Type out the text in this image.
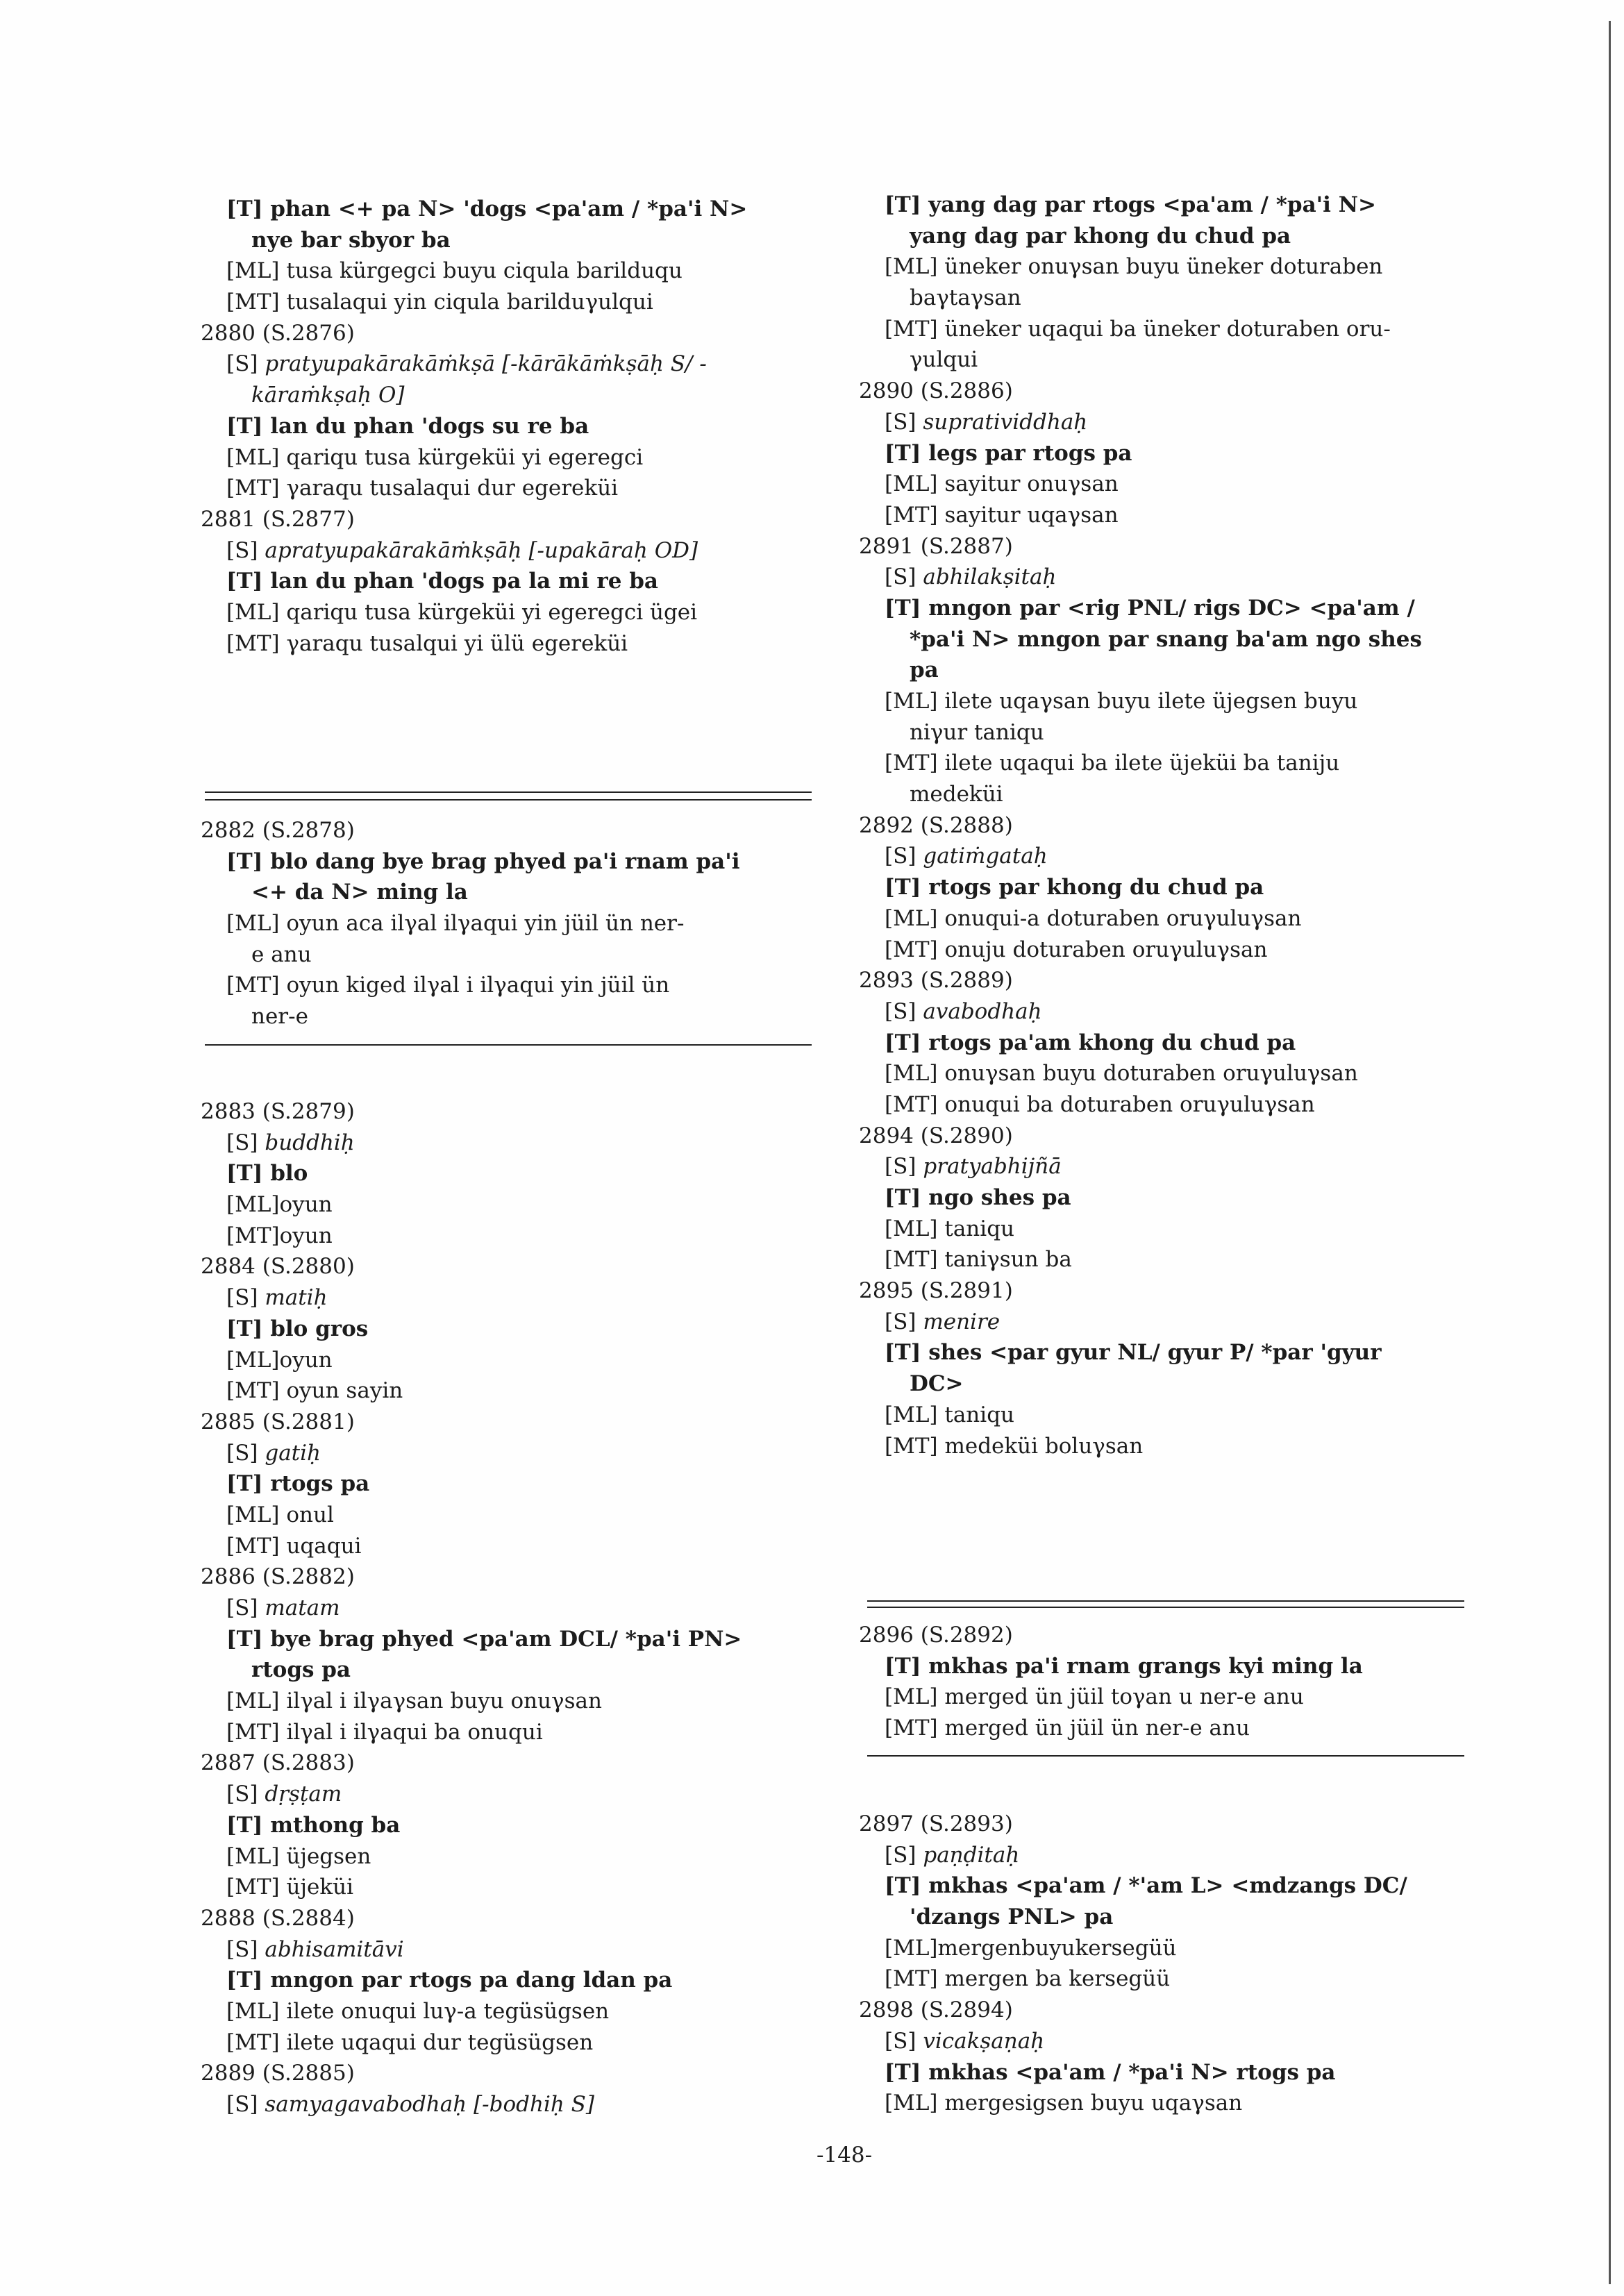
[T] phan <+ pa N> 'dogs <pa'am / *pa'i N>
nye bar sbyor ba
[ML] tusa kürgegci buyu ciqula barilduqu
[MT] tusalaqui yin ciqula barilduγulqui
2880 (S.2876)
[S] pratyupakārakāṁkṣā [-kārākāṁkṣāḥ S/ -
kāraṁkṣaḥ O]
[T] lan du phan 'dogs su re ba
[ML] qariqu tusa kürgeküi yi egeregci
[MT] γaraqu tusalaqui dur egereküi
2881 (S.2877)
[S] apratyupakārakāṁkṣāḥ [-upakāraḥ OD]
[T] lan du phan 'dogs pa la mi re ba
[ML] qariqu tusa kürgeküi yi egeregci ügei
[MT] γaraqu tusalqui yi ülü egereküi
2882 (S.2878)
[T] blo dang bye brag phyed pa'i rnam pa'i
<+ da N> ming la
[ML] oyun aca ilγal ilγaqui yin jüil ün ner-
e anu
[MT] oyun kiged ilγal i ilγaqui yin jüil ün
ner-e
2883 (S.2879)
[S] buddhiḥ
[T] blo
[ML]oyun
[MT]oyun
2884 (S.2880)
[S] matiḥ
[T] blo gros
[ML]oyun
[MT] oyun sayin
2885 (S.2881)
[S] gatiḥ
[T] rtogs pa
[ML] onul
[MT] uqaqui
2886 (S.2882)
[S] matam
[T] bye brag phyed <pa'am DCL/ *pa'i PN>
rtogs pa
[ML] ilγal i ilγaγsan buyu onuγsan
[MT] ilγal i ilγaqui ba onuqui
2887 (S.2883)
[S] dṛṣṭam
[T] mthong ba
[ML] üjegsen
[MT] üjeküi
2888 (S.2884)
[S] abhisamitāvi
[T] mngon par rtogs pa dang ldan pa
[ML] ilete onuqui luγ-a tegüsügsen
[MT] ilete uqaqui dur tegüsügsen
2889 (S.2885)
[S] samyagavabodhaḥ [-bodhiḥ S]
[T] yang dag par rtogs <pa'am / *pa'i N>
yang dag par khong du chud pa
[ML] üneker onuγsan buyu üneker doturaben
baγtaγsan
[MT] üneker uqaqui ba üneker doturaben oru-
γulqui
2890 (S.2886)
[S] supratividdhaḥ
[T] legs par rtogs pa
[ML] sayitur onuγsan
[MT] sayitur uqaγsan
2891 (S.2887)
[S] abhilakṣitaḥ
[T] mngon par <rig PNL/ rigs DC> <pa'am /
*pa'i N> mngon par snang ba'am ngo shes
pa
[ML] ilete uqaγsan buyu ilete üjegsen buyu
niγur taniqu
[MT] ilete uqaqui ba ilete üjeküi ba taniju
medeküi
2892 (S.2888)
[S] gatiṁgataḥ
[T] rtogs par khong du chud pa
[ML] onuqui-a doturaben oruγuluγsan
[MT] onuju doturaben oruγuluγsan
2893 (S.2889)
[S] avabodhaḥ
[T] rtogs pa'am khong du chud pa
[ML] onuγsan buyu doturaben oruγuluγsan
[MT] onuqui ba doturaben oruγuluγsan
2894 (S.2890)
[S] pratyabhijñā
[T] ngo shes pa
[ML] taniqu
[MT] taniγsun ba
2895 (S.2891)
[S] menire
[T] shes <par gyur NL/ gyur P/ *par 'gyur
DC>
[ML] taniqu
[MT] medeküi boluγsan
2896 (S.2892)
[T] mkhas pa'i rnam grangs kyi ming la
[ML] merged ün jüil toγan u ner-e anu
[MT] merged ün jüil ün ner-e anu
2897 (S.2893)
[S] paṇḍitaḥ
[T] mkhas <pa'am / *'am L> <mdzangs DC/
'dzangs PNL> pa
[ML]mergenbuyukersegüü
[MT] mergen ba kersegüü
2898 (S.2894)
[S] vicakṣaṇaḥ
[T] mkhas <pa'am / *pa'i N> rtogs pa
[ML] mergesigsen buyu uqaγsan
-148-
